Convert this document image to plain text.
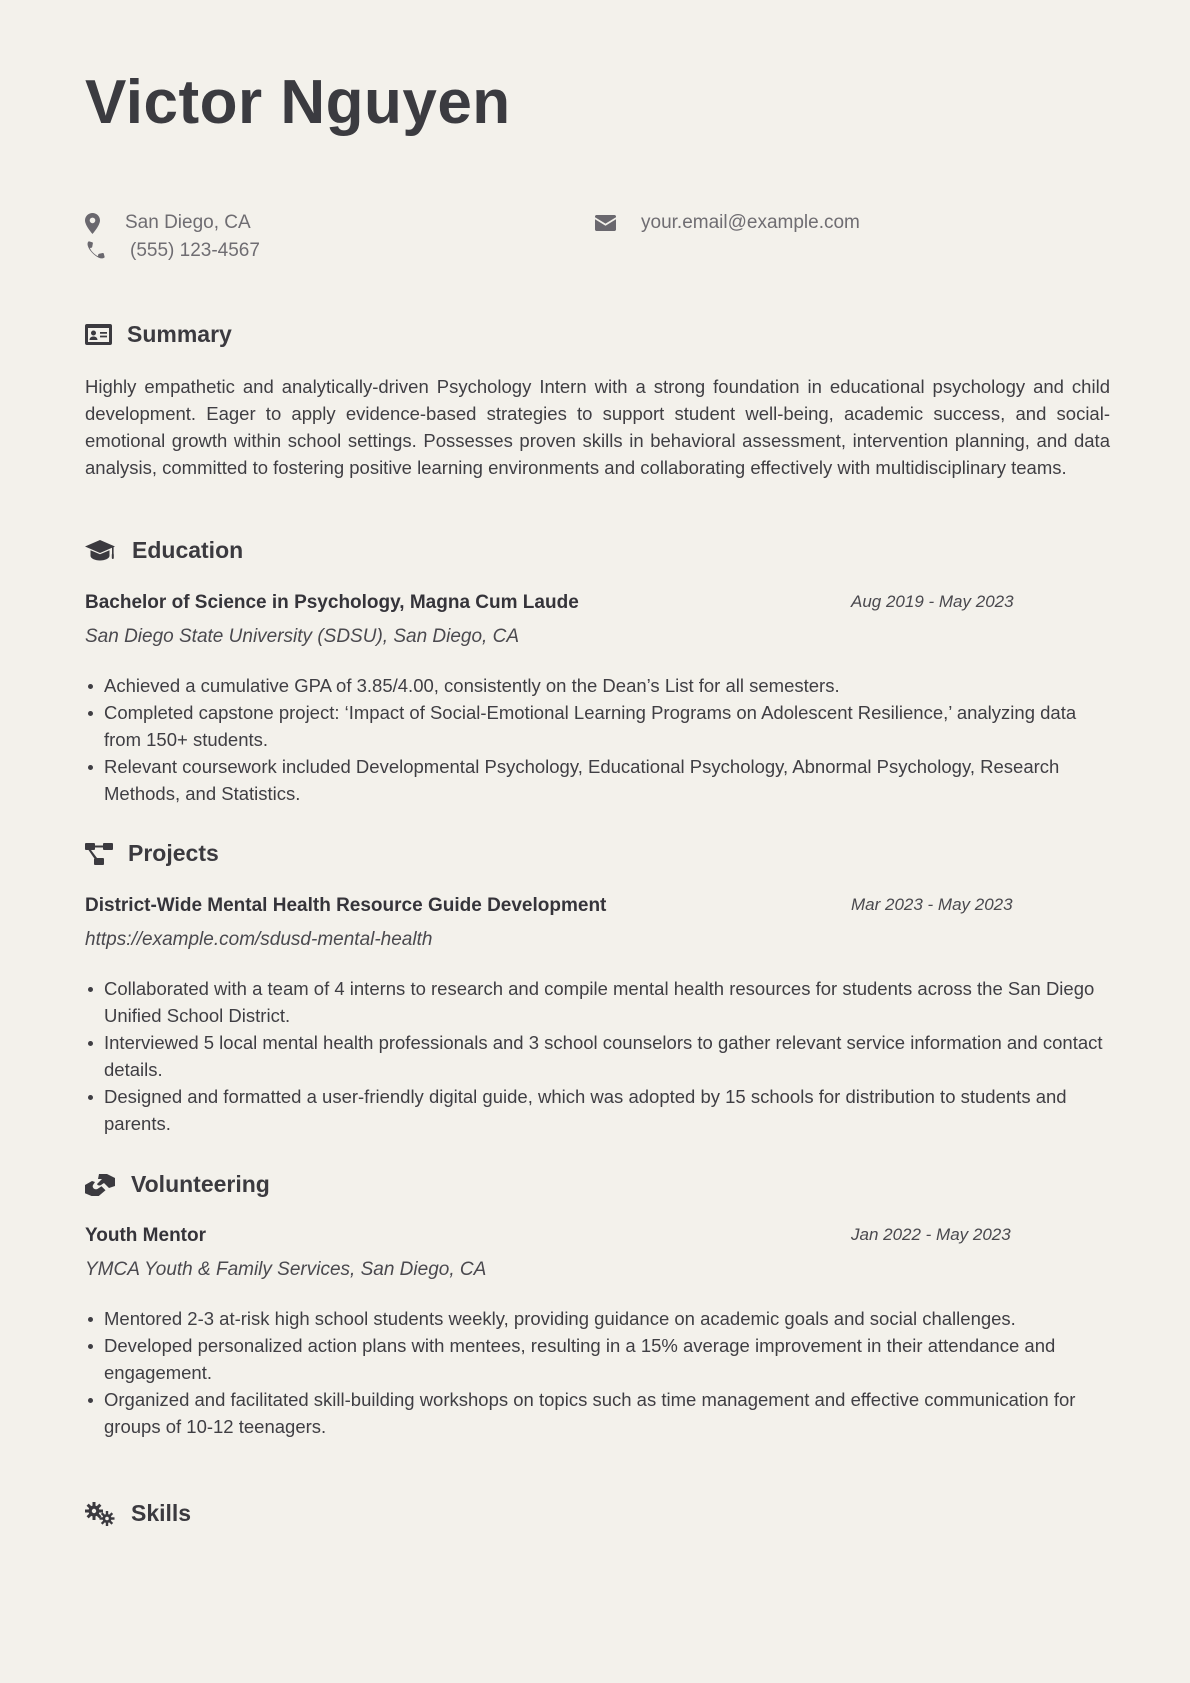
Victor Nguyen
San Diego, CA
(555) 123-4567
your.email@example.com
Summary

Highly empathetic and analytically-driven Psychology Intern with a strong foundation in educational psychology and child development. Eager to apply evidence-based strategies to support student well-being, academic success, and social-emotional growth within school settings. Possesses proven skills in behavioral assessment, intervention planning, and data analysis, committed to fostering positive learning environments and collaborating effectively with multidisciplinary teams.

Education
Bachelor of Science in Psychology, Magna Cum Laude	Aug 2019 - May 2023
San Diego State University (SDSU), San Diego, CA
Achieved a cumulative GPA of 3.85/4.00, consistently on the Dean’s List for all semesters.
Completed capstone project: ‘Impact of Social-Emotional Learning Programs on Adolescent Resilience,’ analyzing data from 150+ students.
Relevant coursework included Developmental Psychology, Educational Psychology, Abnormal Psychology, Research Methods, and Statistics.
Projects
District-Wide Mental Health Resource Guide Development	Mar 2023 - May 2023
https://example.com/sdusd-mental-health
Collaborated with a team of 4 interns to research and compile mental health resources for students across the San Diego Unified School District.
Interviewed 5 local mental health professionals and 3 school counselors to gather relevant service information and contact details.
Designed and formatted a user-friendly digital guide, which was adopted by 15 schools for distribution to students and parents.
Volunteering
Youth Mentor	Jan 2022 - May 2023
YMCA Youth & Family Services, San Diego, CA
Mentored 2-3 at-risk high school students weekly, providing guidance on academic goals and social challenges.
Developed personalized action plans with mentees, resulting in a 15% average improvement in their attendance and engagement.
Organized and facilitated skill-building workshops on topics such as time management and effective communication for groups of 10-12 teenagers.
Skills
